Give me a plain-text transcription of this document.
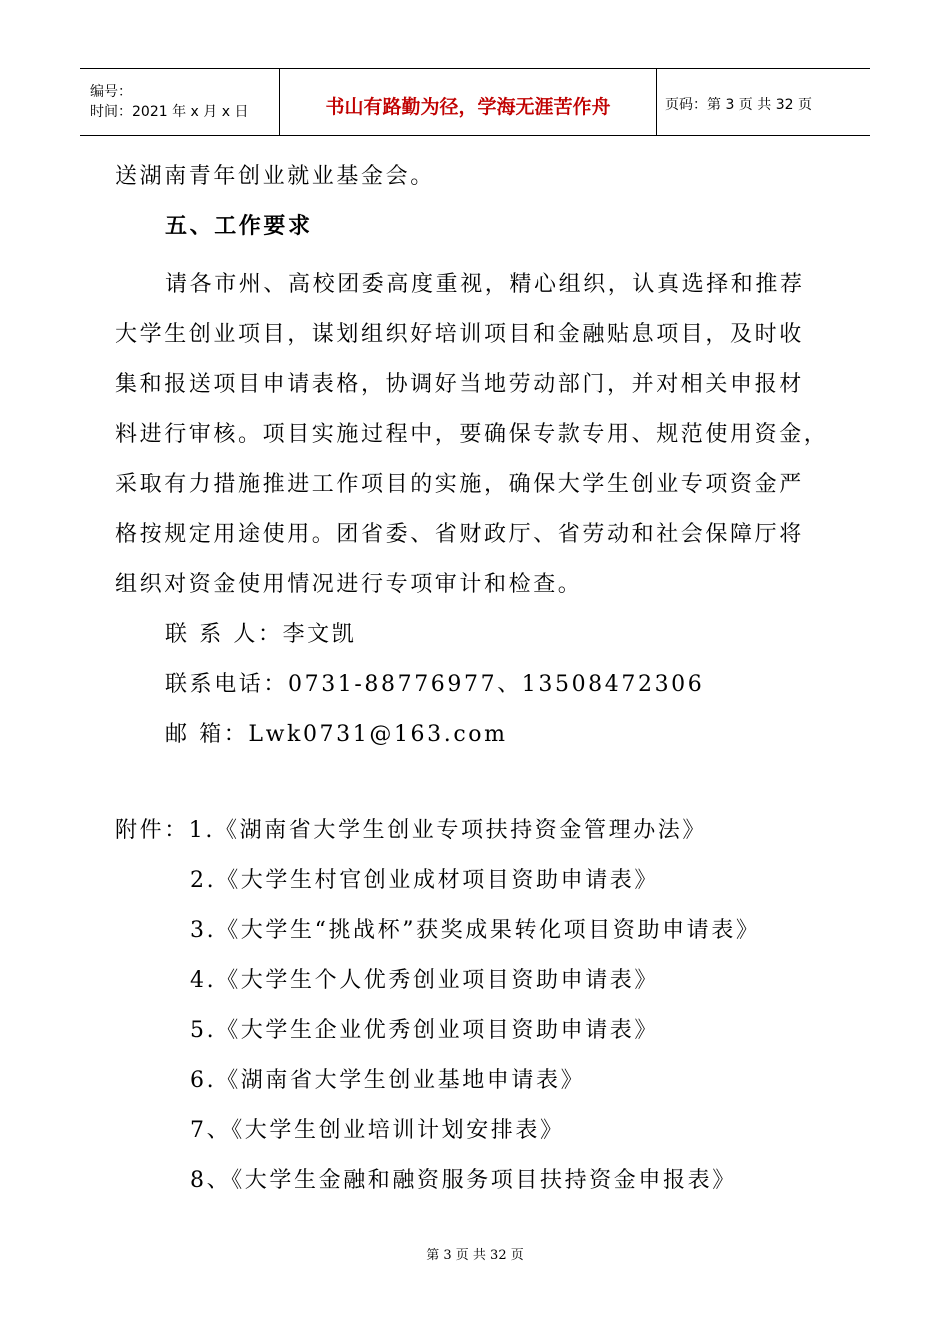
编号：
时间：2021 年 x 月 x 日	书山有路勤为径，学海无涯苦作舟	页码：第 3 页 共 32 页
送湖南青年创业就业基金会。
五、工作要求
请各市州、高校团委高度重视，精心组织，认真选择和推荐
大学生创业项目，谋划组织好培训项目和金融贴息项目，及时收
集和报送项目申请表格，协调好当地劳动部门，并对相关申报材
料进行审核。项目实施过程中，要确保专款专用、规范使用资金，
采取有力措施推进工作项目的实施，确保大学生创业专项资金严
格按规定用途使用。团省委、省财政厅、省劳动和社会保障厅将
组织对资金使用情况进行专项审计和检查。
联 系 人：李文凯
联系电话：0731-88776977、13508472306
邮 箱：Lwk0731@163.com
附件：1.《湖南省大学生创业专项扶持资金管理办法》
2.《大学生村官创业成材项目资助申请表》
3.《大学生“挑战杯”获奖成果转化项目资助申请表》
4.《大学生个人优秀创业项目资助申请表》
5.《大学生企业优秀创业项目资助申请表》
6.《湖南省大学生创业基地申请表》
7、《大学生创业培训计划安排表》
8、《大学生金融和融资服务项目扶持资金申报表》
第 3 页 共 32 页
